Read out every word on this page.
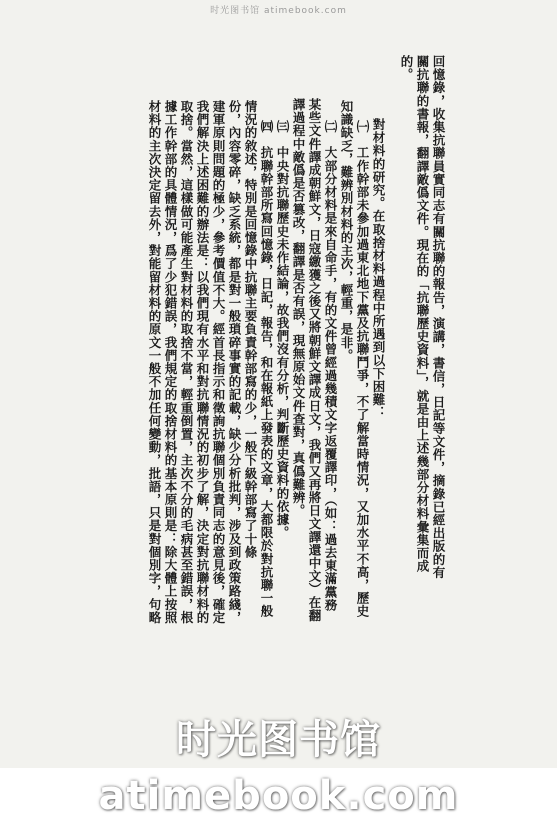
时光图书馆 atimebook.com
回憶錄，收集抗聯員實同志有關抗聯的報告，演講，書信，日記等文件，摘錄已經出版的有
關抗聯的書報，翻譯敵僞文件。現在的「抗聯歷史資料」，就是由上述幾部分材料彙集而成
的。
對材料的研究。在取捨材料過程中所遇到以下困難：
㈠　工作幹部未參加過東北地下黨及抗聯鬥爭，不了解當時情況，又加水平不高，歷史
知識缺乏，難辨別材料的主次，輕重，是非。
㈡　大部分材料是來自命手，有的文件曾經過幾積文字返覆譯印，（如：過去東滿黨務
某些文件譯成朝鮮文，日寇繳獲之後又將朝鮮文譯成日文，我們又再將日文譯還中文）在翻
譯過程中敵僞是否篡改，翻譯是否有誤，現無原始文件查對，真僞難辨。
㈢　中央對抗聯歷史未作結論，故我們沒有分析，判斷歷史資料的依據。
㈣　抗聯幹部所寫回憶錄，日記，報告，和在報紙上發表的文章，大都限於對抗聯一般
情況的敘述，特別是回憶錄中抗聯主要負責幹部寫的少，一般下級幹部寫了十條
份，內容零碎，缺乏系統，都是對一般瑣碎事實的記載，缺少分析批判，涉及到政策路綫，
建軍原則問題的極少，參考價值不大。經首長指示和徵詢抗聯個別負責同志的意見後，確定
我們解決上述困難的辦法是：以我們現有水平和對抗聯情況的初步了解，決定對抗聯材料的
取捨。當然，這樣做可能產生對材料的取捨不當，輕重倒置，主次不分的毛病甚至錯誤，根
據工作幹部的具體情況，爲了少犯錯誤，我們規定的取捨材料的基本原則是：除大體上按照
材料的主次決定留去外，對能留材料的原文一般不加任何變動，批語，只是對個別字，句略
时光图书馆atimebook.com
